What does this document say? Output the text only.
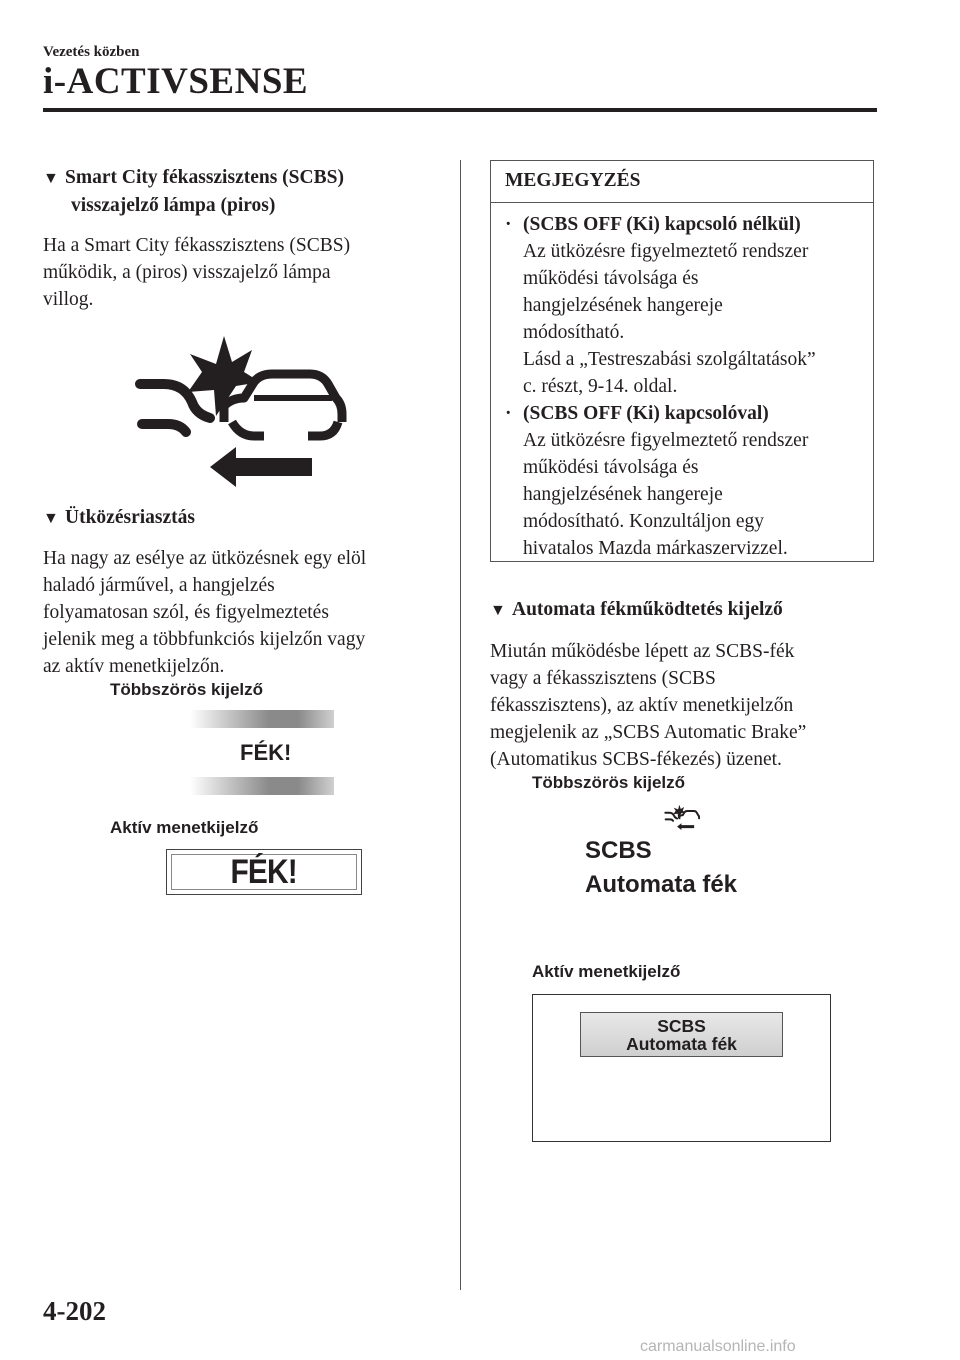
Vezetés közben
i-ACTIVSENSE
▼ Smart City fékasszisztens (SCBS)
visszajelző lámpa (piros)
Ha a Smart City fékasszisztens (SCBS)
működik, a (piros) visszajelző lámpa
villog.
▼ Ütközésriasztás
Ha nagy az esélye az ütközésnek egy elöl
haladó járművel, a hangjelzés
folyamatosan szól, és figyelmeztetés
jelenik meg a többfunkciós kijelzőn vagy
az aktív menetkijelzőn.
Többszörös kijelző
FÉK!
Aktív menetkijelző
FÉK!
MEGJEGYZÉS
· (SCBS OFF (Ki) kapcsoló nélkül)
Az ütközésre figyelmeztető rendszer
működési távolsága és
hangjelzésének hangereje
módosítható.
Lásd a „Testreszabási szolgáltatások”
c. részt, 9-14. oldal.
· (SCBS OFF (Ki) kapcsolóval)
Az ütközésre figyelmeztető rendszer
működési távolsága és
hangjelzésének hangereje
módosítható. Konzultáljon egy
hivatalos Mazda márkaszervizzel.
▼ Automata fékműködtetés kijelző
Miután működésbe lépett az SCBS-fék
vagy a fékasszisztens (SCBS
fékasszisztens), az aktív menetkijelzőn
megjelenik az „SCBS Automatic Brake”
(Automatikus SCBS-fékezés) üzenet.
Többszörös kijelző
SCBS
Automata fék
Aktív menetkijelző
SCBS
Automata fék
4-202
carmanualsonline.info
